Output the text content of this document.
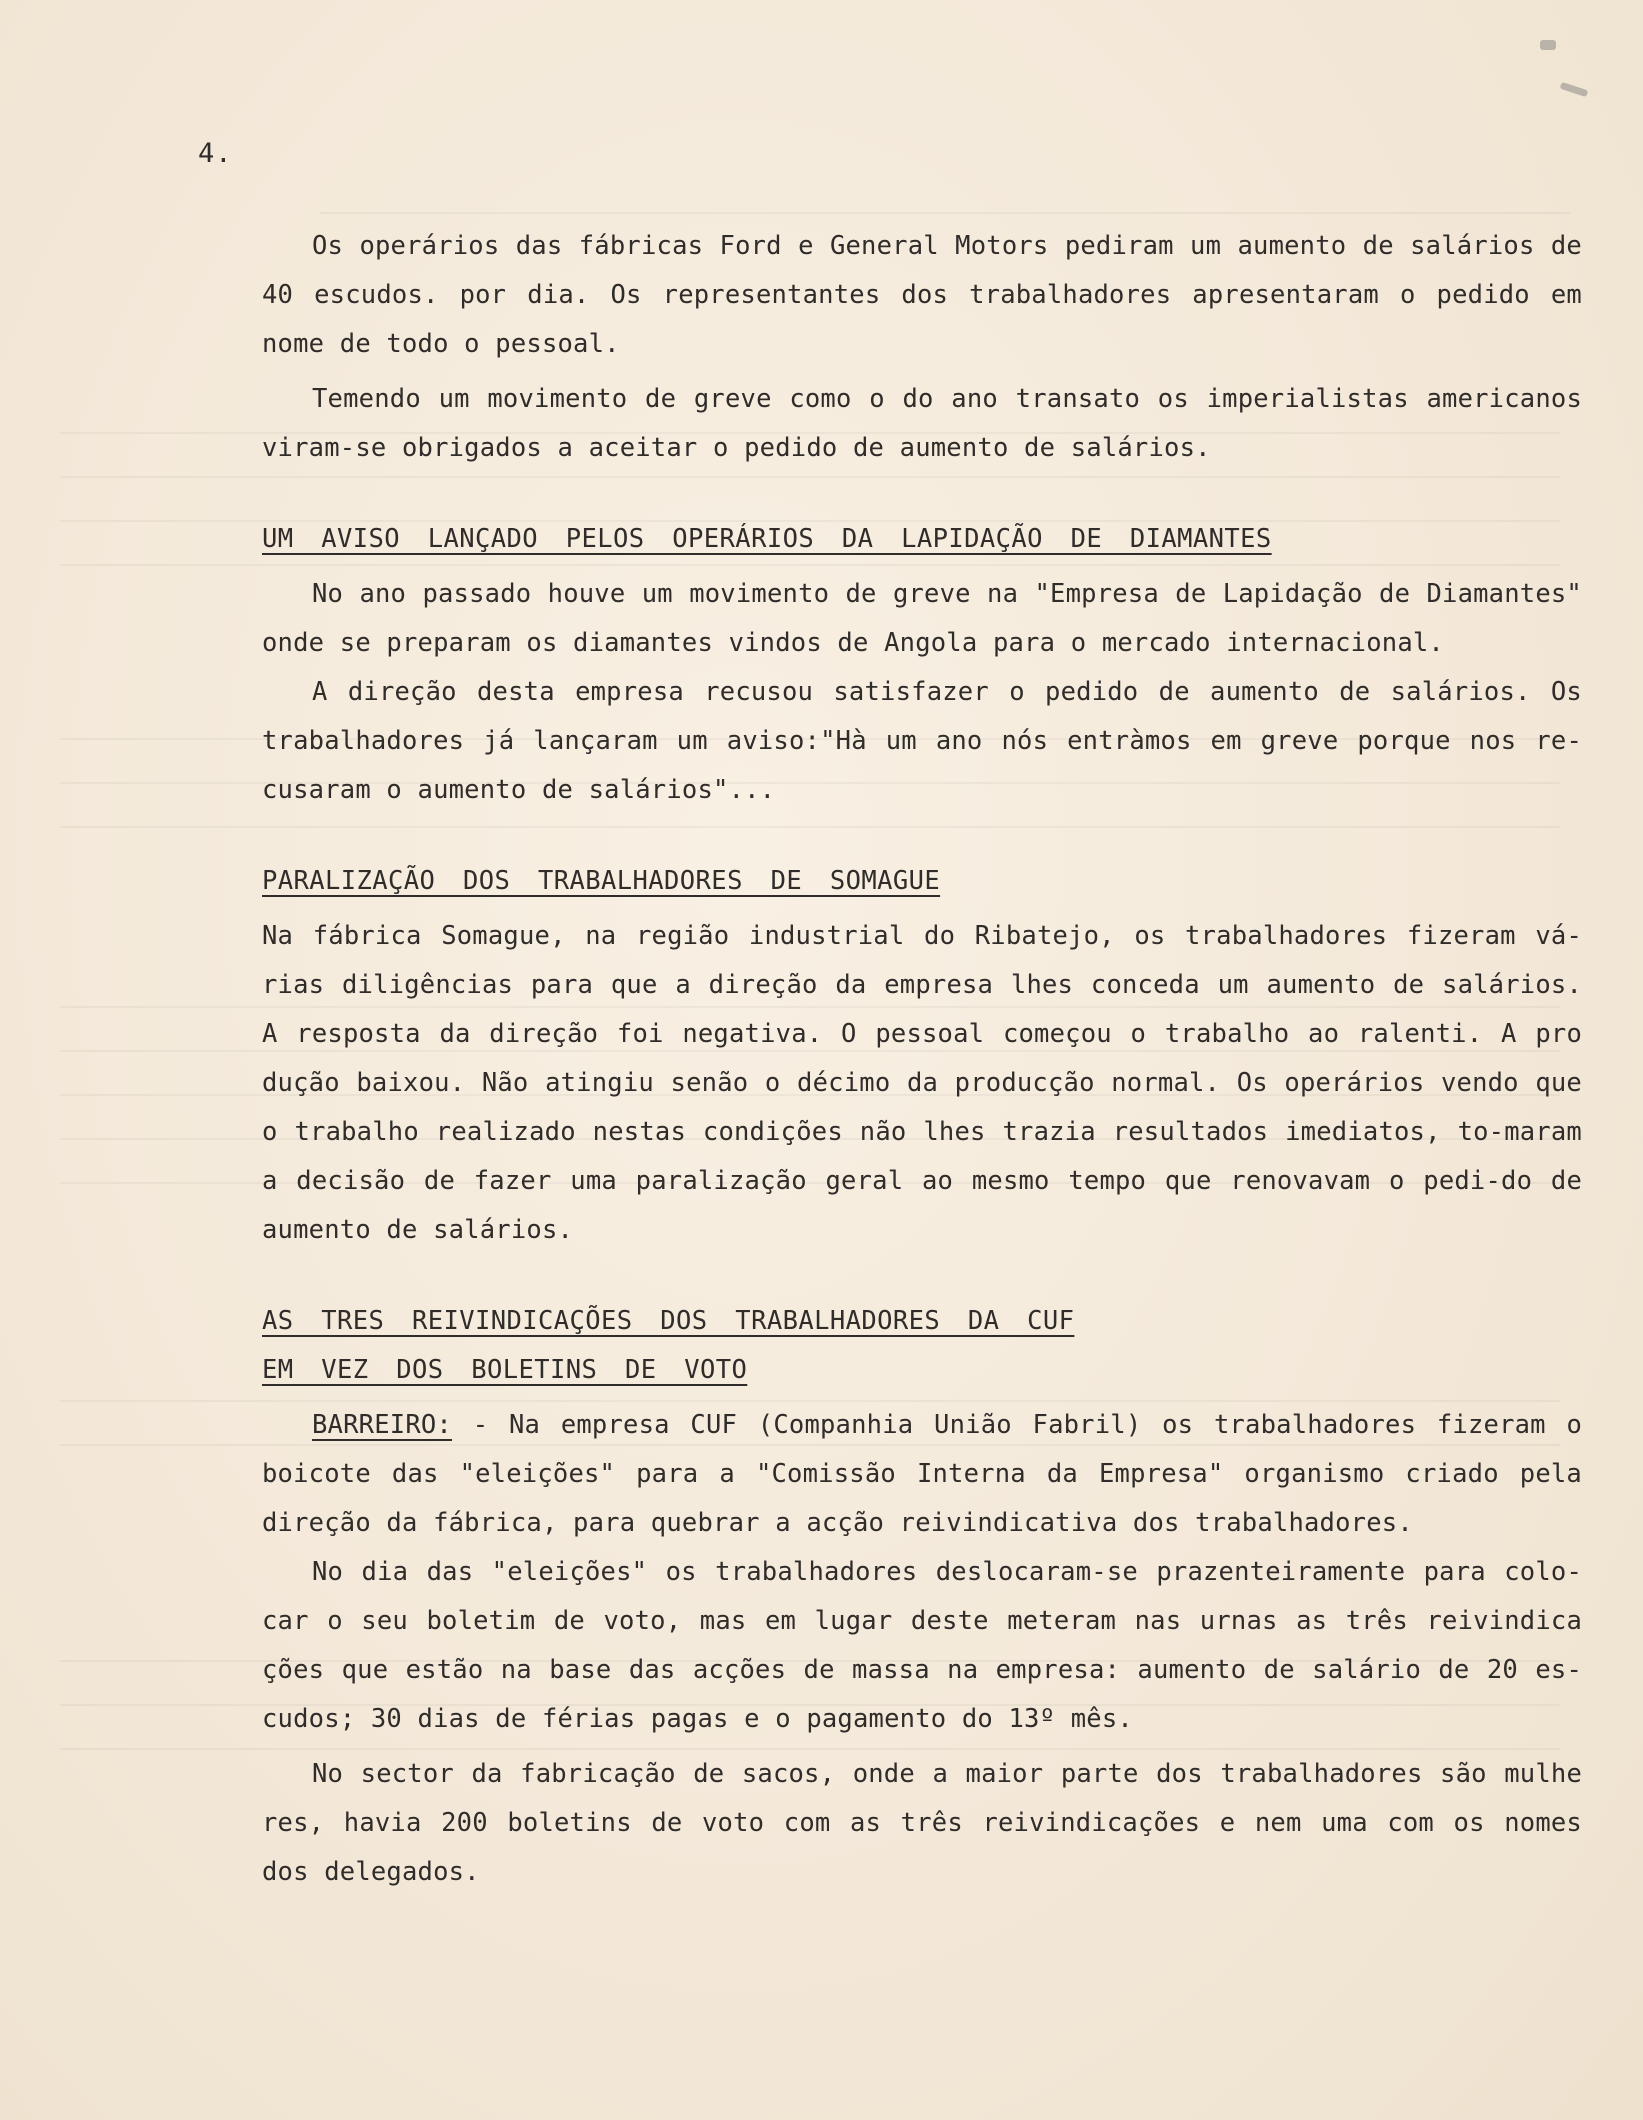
4.

Os operários das fábricas Ford e General Motors pediram um aumento de salários de 40 escudos. por dia. Os representantes dos trabalhadores apresentaram o pedido em nome de todo o pessoal.

Temendo um movimento de greve como o do ano transato os imperialistas americanos viram-se obrigados a aceitar o pedido de aumento de salários.

UM AVISO LANÇADO PELOS OPERÁRIOS DA LAPIDAÇÃO DE DIAMANTES

No ano passado houve um movimento de greve na "Empresa de Lapidação de Diamantes" onde se preparam os diamantes vindos de Angola para o mercado internacional.

A direção desta empresa recusou satisfazer o pedido de aumento de salários. Os trabalhadores já lançaram um aviso:"Hà um ano nós entràmos em greve porque nos re-cusaram o aumento de salários"...

PARALIZAÇÃO DOS TRABALHADORES DE SOMAGUE

Na fábrica Somague, na região industrial do Ribatejo, os trabalhadores fizeram vá-rias diligências para que a direção da empresa lhes conceda um aumento de salários. A resposta da direção foi negativa. O pessoal começou o trabalho ao ralenti. A pro dução baixou. Não atingiu senão o décimo da producção normal. Os operários vendo que o trabalho realizado nestas condições não lhes trazia resultados imediatos, to-maram a decisão de fazer uma paralização geral ao mesmo tempo que renovavam o pedi-do de aumento de salários.

AS TRES REIVINDICAÇÕES DOS TRABALHADORES DA CUF

EM VEZ DOS BOLETINS DE VOTO

BARREIRO: - Na empresa CUF (Companhia União Fabril) os trabalhadores fizeram o boicote das "eleições" para a "Comissão Interna da Empresa" organismo criado pela direção da fábrica, para quebrar a acção reivindicativa dos trabalhadores.

No dia das "eleições" os trabalhadores deslocaram-se prazenteiramente para colo-car o seu boletim de voto, mas em lugar deste meteram nas urnas as três reivindica ções que estão na base das acções de massa na empresa: aumento de salário de 20 es-cudos; 30 dias de férias pagas e o pagamento do 13º mês.

No sector da fabricação de sacos, onde a maior parte dos trabalhadores são mulhe res, havia 200 boletins de voto com as três reivindicações e nem uma com os nomes dos delegados.
